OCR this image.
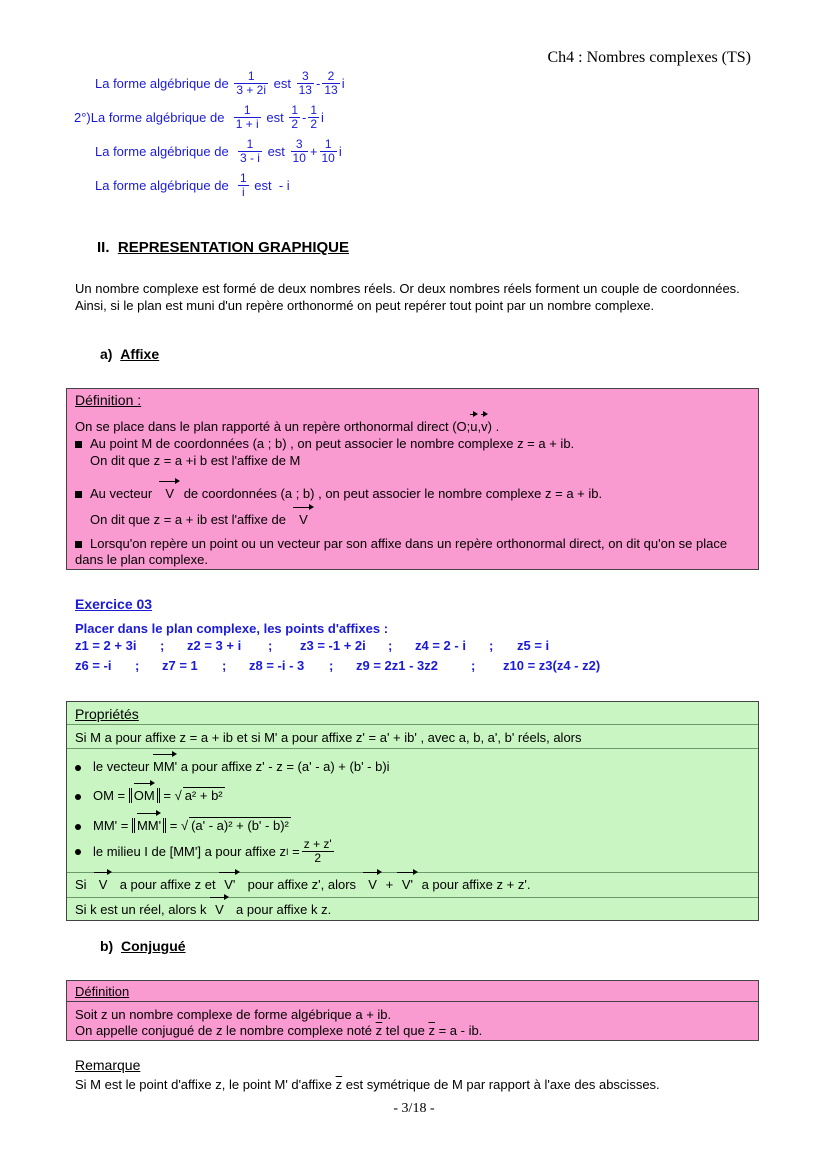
Ch4 : Nombres complexes (TS)
La forme algébrique de
$\frac{1}{3 + 2i}$
est
$\frac{3}{13} - \frac{2}{13}$ i
2°) La forme algébrique de
$\frac{1}{1 + i}$
est
$\frac{1}{2} - \frac{1}{2}$ i
La forme algébrique de
$\frac{1}{3 - i}$
est
$\frac{3}{10} + \frac{1}{10}$ i
La forme algébrique de
$\frac{1}{i}$
est
- i
II. REPRESENTATION GRAPHIQUE
Un nombre complexe est formé de deux nombres réels. Or deux nombres réels forment un couple de coordonnées. Ainsi, si le plan est muni d'un repère orthonormé on peut repérer tout point par un nombre complexe.
a) Affixe
Définition :
On se place dans le plan rapporté à un repère orthonormal direct (O;u,v) .
Au point M de coordonnées (a ; b) , on peut associer le nombre complexe z = a + ib.
On dit que z = a +i b est l'affixe de M
Au vecteur V de coordonnées (a ; b) , on peut associer le nombre complexe z = a + ib.
On dit que z = a + ib est l'affixe de V
Lorsqu'on repère un point ou un vecteur par son affixe dans un repère orthonormal direct, on dit qu'on se place dans le plan complexe.
Exercice 03
Placer dans le plan complexe, les points d'affixes :
z1 = 2 + 3i ; z2 = 3 + i ; z3 = -1 + 2i ; z4 = 2 - i ; z5 = i
z6 = -i ; z7 = 1 ; z8 = -i - 3 ; z9 = 2z1 - 3z2	; z10 = z3(z4 - z2)
Propriétés
Si M a pour affixe z = a + ib et si M' a pour affixe z' = a' + ib' , avec a, b, a', b' réels, alors
le vecteur MM' a pour affixe z' - z = (a' - a) + (b' - b)i
OM = OM = √ a² + b²
MM' = MM' = √ (a' - a)² + (b' - b)²
le milieu I de [MM'] a pour affixe z I
= $\frac{z + z'}{2}$
Si V a pour affixe z et V' pour affixe z', alors V + V' a pour affixe z + z'.
Si k est un réel, alors k V a pour affixe k z.
b) Conjugué
Définition
Soit z un nombre complexe de forme algébrique a + ib.
On appelle conjugué de z le nombre complexe noté $\overline{z}$ tel que $\overline{z} = a$ - ib.
Remarque
Si M est le point d'affixe z, le point M' d'affixe $\overline{z}$ est symétrique de M par rapport à l'axe des abscisses.
- 3/18 -
